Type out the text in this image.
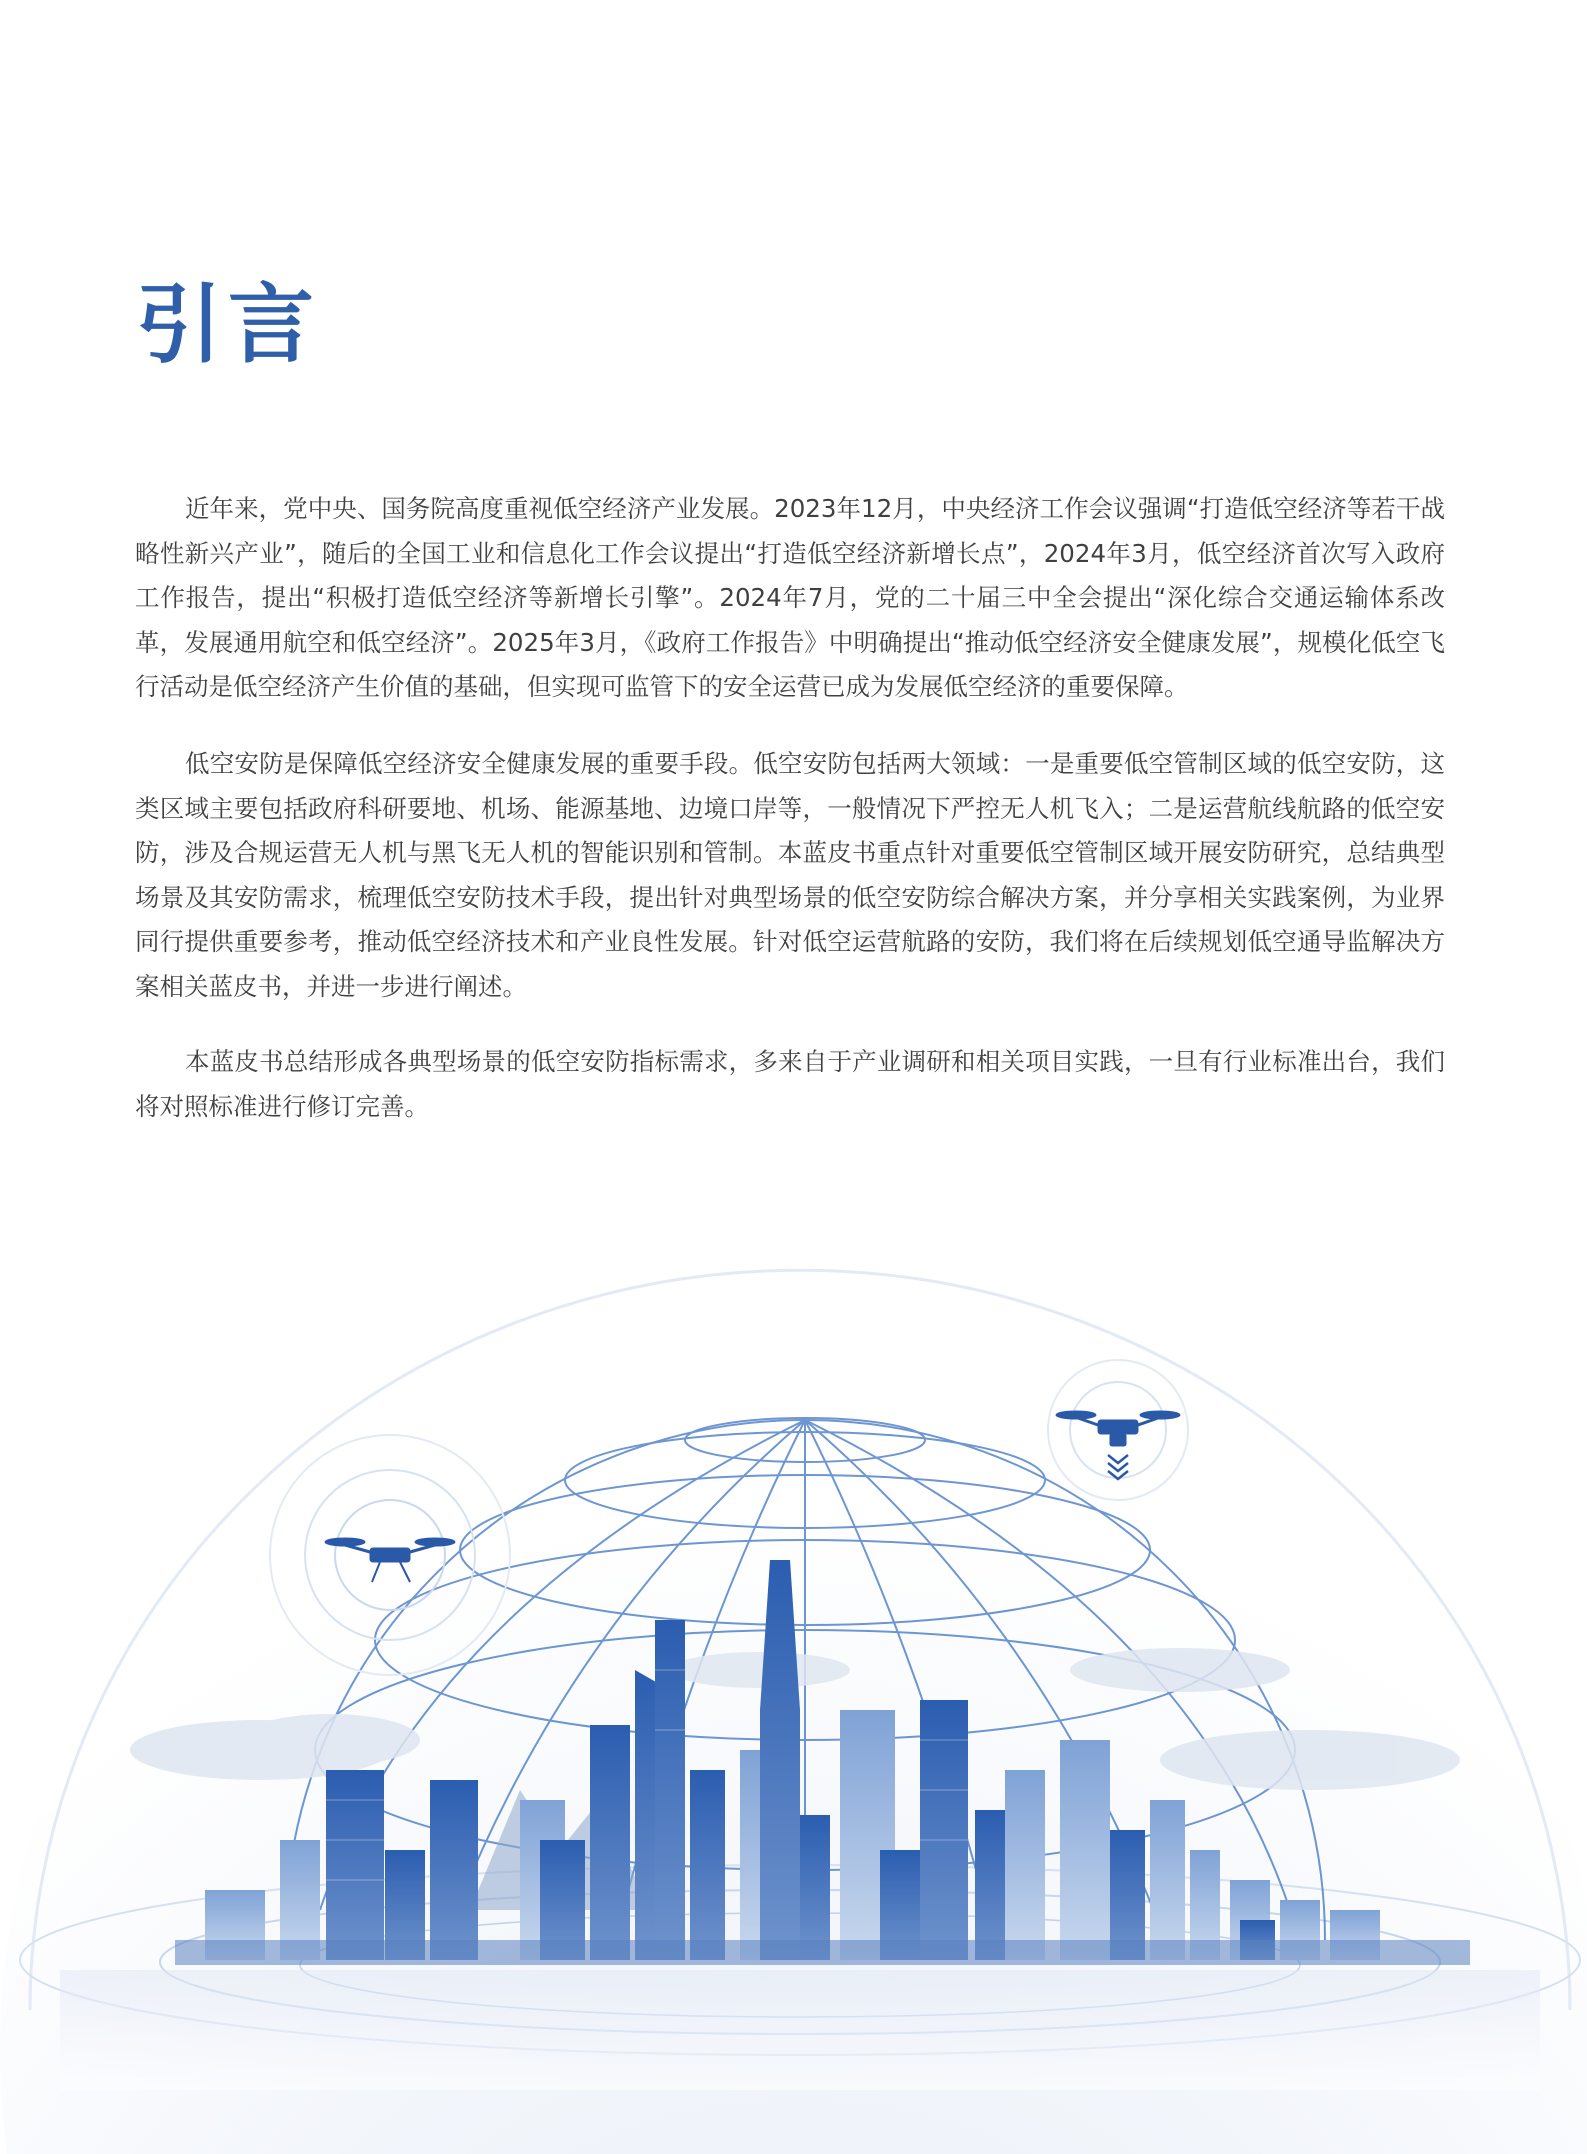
引言

近年来，党中央、国务院高度重视低空经济产业发展。2023年12月，中央经济工作会议强调“打造低空经济等若干战略性新兴产业”，随后的全国工业和信息化工作会议提出“打造低空经济新增长点”，2024年3月，低空经济首次写入政府工作报告，提出“积极打造低空经济等新增长引擎”。2024年7月，党的二十届三中全会提出“深化综合交通运输体系改革，发展通用航空和低空经济”。2025年3月，《政府工作报告》中明确提出“推动低空经济安全健康发展”，规模化低空飞行活动是低空经济产生价值的基础，但实现可监管下的安全运营已成为发展低空经济的重要保障。

低空安防是保障低空经济安全健康发展的重要手段。低空安防包括两大领域：一是重要低空管制区域的低空安防，这类区域主要包括政府科研要地、机场、能源基地、边境口岸等，一般情况下严控无人机飞入；二是运营航线航路的低空安防，涉及合规运营无人机与黑飞无人机的智能识别和管制。本蓝皮书重点针对重要低空管制区域开展安防研究，总结典型场景及其安防需求，梳理低空安防技术手段，提出针对典型场景的低空安防综合解决方案，并分享相关实践案例，为业界同行提供重要参考，推动低空经济技术和产业良性发展。针对低空运营航路的安防，我们将在后续规划低空通导监解决方案相关蓝皮书，并进一步进行阐述。

本蓝皮书总结形成各典型场景的低空安防指标需求，多来自于产业调研和相关项目实践，一旦有行业标准出台，我们将对照标准进行修订完善。
